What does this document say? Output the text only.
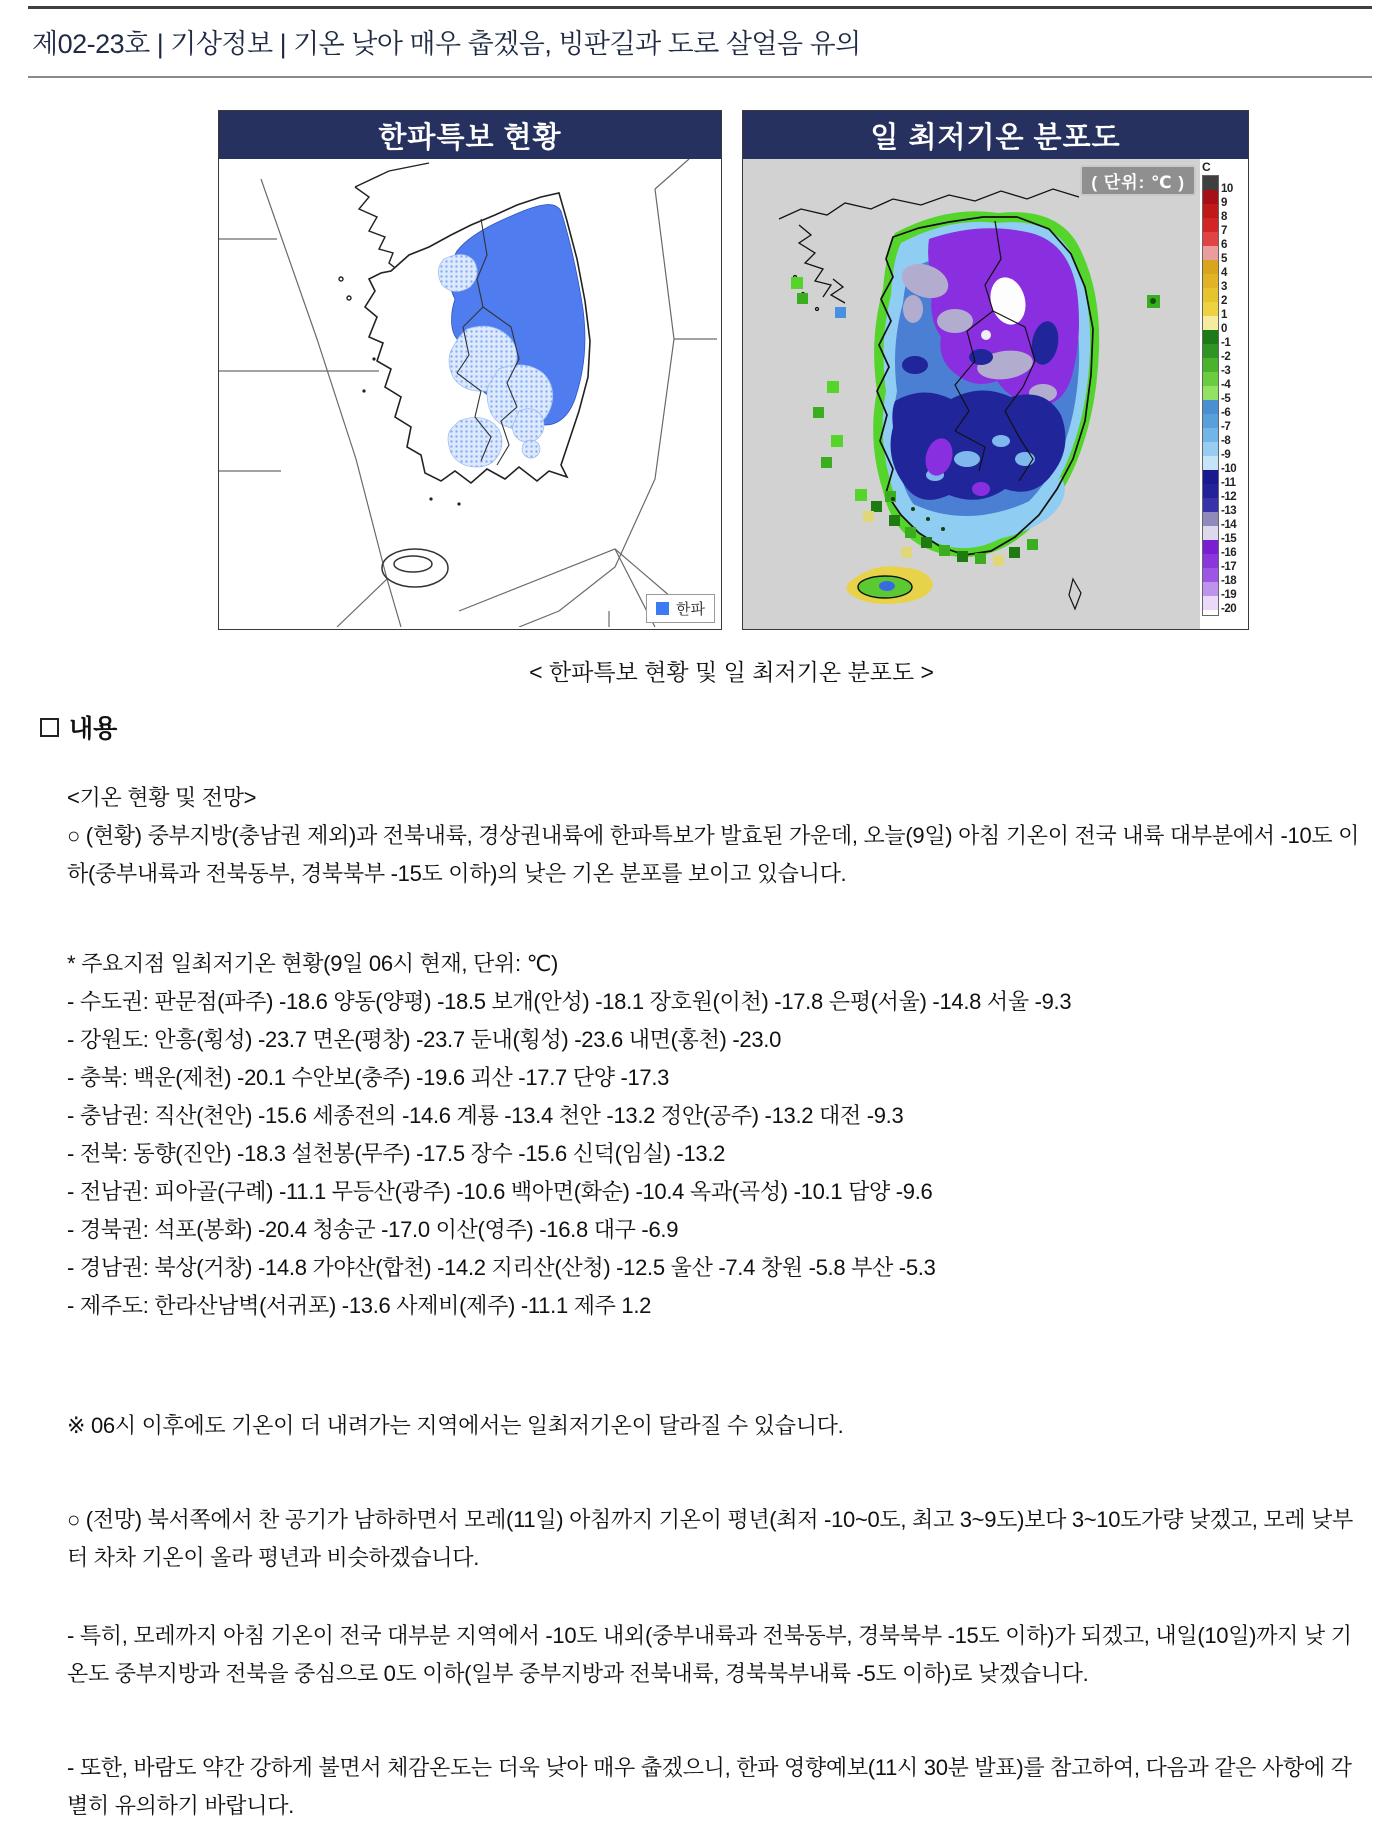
제02-23호 | 기상정보 | 기온 낮아 매우 춥겠음, 빙판길과 도로 살얼음 유의
한파특보 현황
한파
일 최저기온 분포도
( 단위: ℃ )
C
10
9
8
7
6
5
4
3
2
1
0
-1
-2
-3
-4
-5
-6
-7
-8
-9
-10
-11
-12
-13
-14
-15
-16
-17
-18
-19
-20
< 한파특보 현황 및 일 최저기온 분포도 >
내용
<기온 현황 및 전망>
○ (현황) 중부지방(충남권 제외)과 전북내륙, 경상권내륙에 한파특보가 발효된 가운데, 오늘(9일) 아침 기온이 전국 내륙 대부분에서 -10도 이하(중부내륙과 전북동부, 경북북부 -15도 이하)의 낮은 기온 분포를 보이고 있습니다.
* 주요지점 일최저기온 현황(9일 06시 현재, 단위: ℃)
- 수도권: 판문점(파주) -18.6 양동(양평) -18.5 보개(안성) -18.1 장호원(이천) -17.8 은평(서울) -14.8 서울 -9.3
- 강원도: 안흥(횡성) -23.7 면온(평창) -23.7 둔내(횡성) -23.6 내면(홍천) -23.0
- 충북: 백운(제천) -20.1 수안보(충주) -19.6 괴산 -17.7 단양 -17.3
- 충남권: 직산(천안) -15.6 세종전의 -14.6 계룡 -13.4 천안 -13.2 정안(공주) -13.2 대전 -9.3
- 전북: 동향(진안) -18.3 설천봉(무주) -17.5 장수 -15.6 신덕(임실) -13.2
- 전남권: 피아골(구례) -11.1 무등산(광주) -10.6 백아면(화순) -10.4 옥과(곡성) -10.1 담양 -9.6
- 경북권: 석포(봉화) -20.4 청송군 -17.0 이산(영주) -16.8 대구 -6.9
- 경남권: 북상(거창) -14.8 가야산(합천) -14.2 지리산(산청) -12.5 울산 -7.4 창원 -5.8 부산 -5.3
- 제주도: 한라산남벽(서귀포) -13.6 사제비(제주) -11.1 제주 1.2
※ 06시 이후에도 기온이 더 내려가는 지역에서는 일최저기온이 달라질 수 있습니다.
○ (전망) 북서쪽에서 찬 공기가 남하하면서 모레(11일) 아침까지 기온이 평년(최저 -10~0도, 최고 3~9도)보다 3~10도가량 낮겠고, 모레 낮부터 차차 기온이 올라 평년과 비슷하겠습니다.
- 특히, 모레까지 아침 기온이 전국 대부분 지역에서 -10도 내외(중부내륙과 전북동부, 경북북부 -15도 이하)가 되겠고, 내일(10일)까지 낮 기온도 중부지방과 전북을 중심으로 0도 이하(일부 중부지방과 전북내륙, 경북북부내륙 -5도 이하)로 낮겠습니다.
- 또한, 바람도 약간 강하게 불면서 체감온도는 더욱 낮아 매우 춥겠으니, 한파 영향예보(11시 30분 발표)를 참고하여, 다음과 같은 사항에 각별히 유의하기 바랍니다.
